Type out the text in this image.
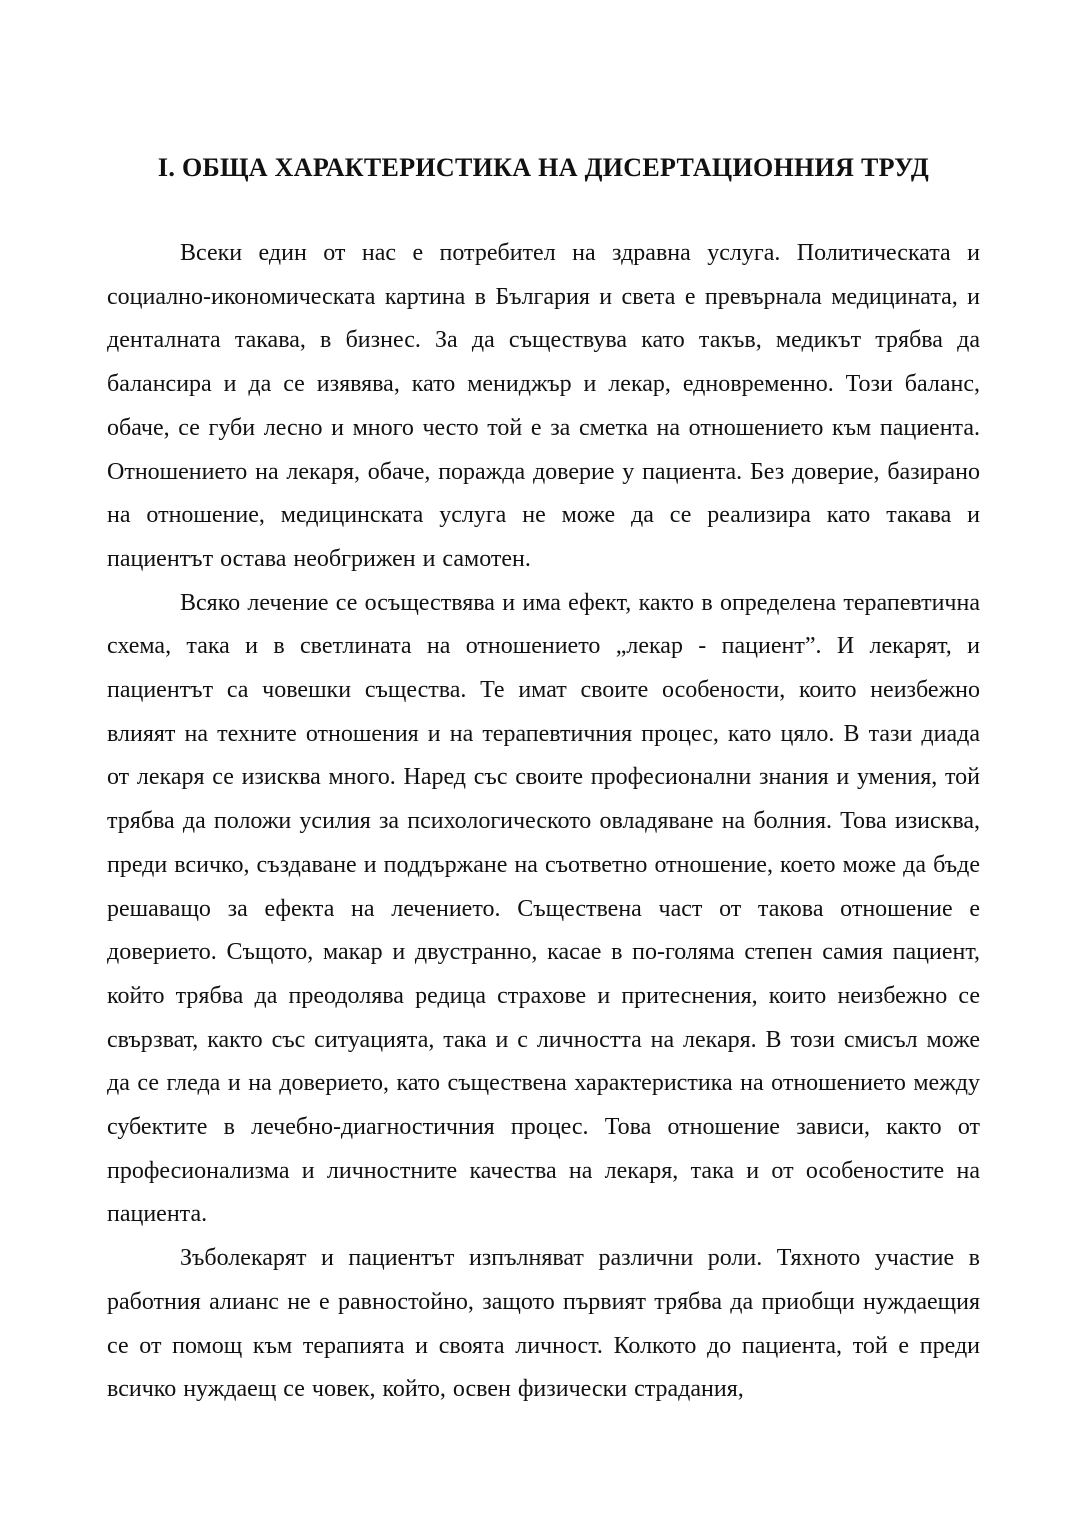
I. ОБЩА ХАРАКТЕРИСТИКА НА ДИСЕРТАЦИОННИЯ ТРУД

Всеки един от нас е потребител на здравна услуга. Политическата и социално-икономическата картина в България и света е превърнала медицината, и денталната такава, в бизнес. За да съществува като такъв, медикът трябва да балансира и да се изявява, като мениджър и лекар, едновременно. Този баланс, обаче, се губи лесно и много често той е за сметка на отношението към пациента. Отношението на лекаря, обаче, поражда доверие у пациента. Без доверие, базирано на отношение, медицинската услуга не може да се реализира като такава и пациентът остава необгрижен и самотен.

Всяко лечение се осъществява и има ефект, както в определена терапевтична схема, така и в светлината на отношението „лекар - пациент”. И лекарят, и пациентът са човешки същества. Те имат своите особености, които неизбежно влияят на техните отношения и на терапевтичния процес, като цяло. В тази диада от лекаря се изисква много. Наред със своите професионални знания и умения, той трябва да положи усилия за психологическото овладяване на болния. Това изисква, преди всичко, създаване и поддържане на съответно отношение, което може да бъде решаващо за ефекта на лечението. Съществена част от такова отношение е доверието. Същото, макар и двустранно, касае в по-голяма степен самия пациент, който трябва да преодолява редица страхове и притеснения, които неизбежно се свързват, както със ситуацията, така и с личността на лекаря. В този смисъл може да се гледа и на доверието, като съществена характеристика на отношението между субектите в лечебно-диагностичния процес. Това отношение зависи, както от професионализма и личностните качества на лекаря, така и от особеностите на пациента.

Зъболекарят и пациентът изпълняват различни роли. Тяхното участие в работния алианс не е равностойно, защото първият трябва да приобщи нуждаещия се от помощ към терапията и своята личност. Колкото до пациента, той е преди всичко нуждаещ се човек, който, освен физически страдания,
